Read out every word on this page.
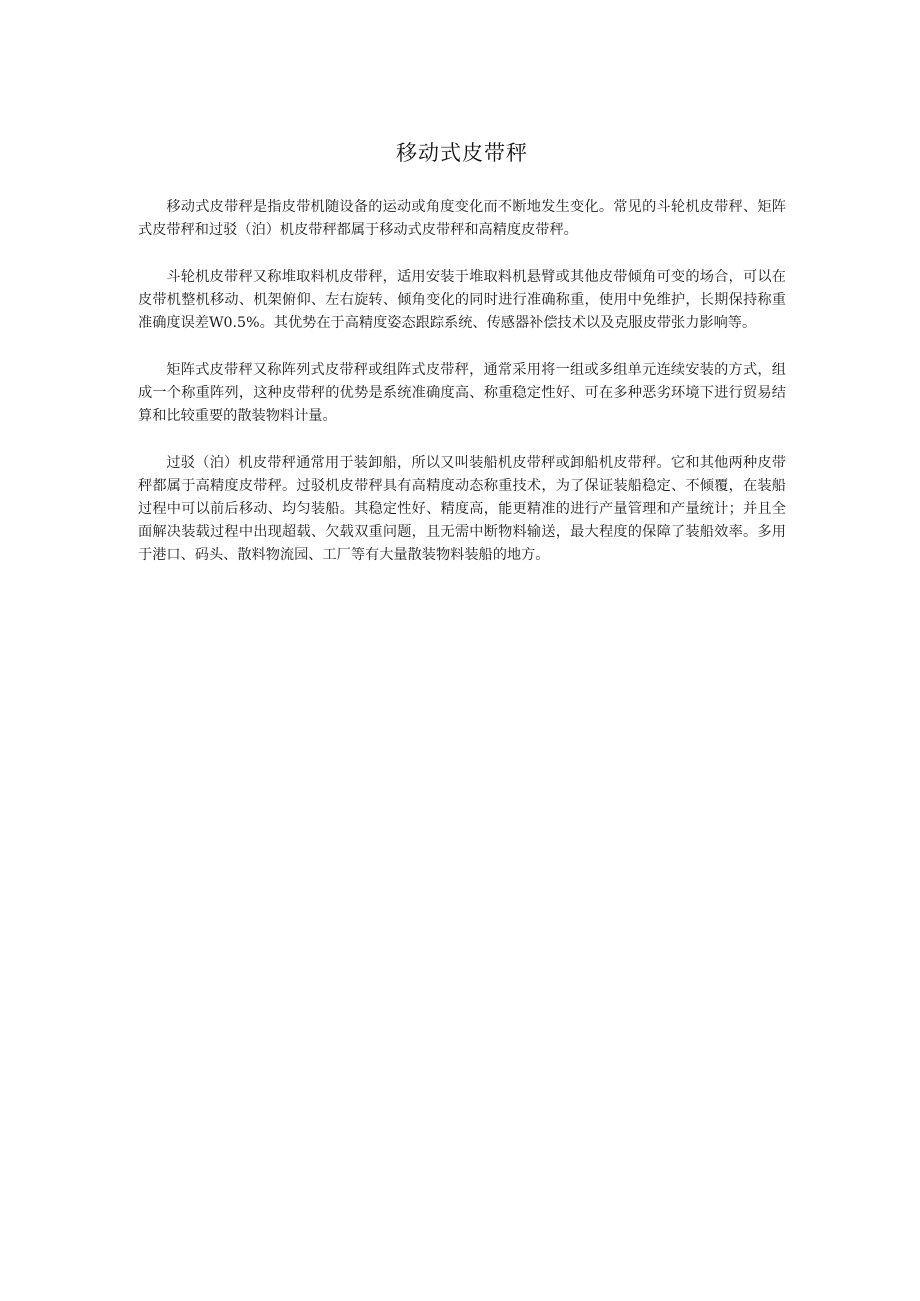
移动式皮带秤

移动式皮带秤是指皮带机随设备的运动或角度变化而不断地发生变化。常见的斗轮机皮带秤、矩阵式皮带秤和过驳（泊）机皮带秤都属于移动式皮带秤和高精度皮带秤。

斗轮机皮带秤又称堆取料机皮带秤，适用安装于堆取料机悬臂或其他皮带倾角可变的场合，可以在皮带机整机移动、机架俯仰、左右旋转、倾角变化的同时进行准确称重，使用中免维护，长期保持称重准确度误差W0.5%。其优势在于高精度姿态跟踪系统、传感器补偿技术以及克服皮带张力影响等。

矩阵式皮带秤又称阵列式皮带秤或组阵式皮带秤，通常采用将一组或多组单元连续安装的方式，组成一个称重阵列，这种皮带秤的优势是系统准确度高、称重稳定性好、可在多种恶劣环境下进行贸易结算和比较重要的散装物料计量。

过驳（泊）机皮带秤通常用于装卸船，所以又叫装船机皮带秤或卸船机皮带秤。它和其他两种皮带秤都属于高精度皮带秤。过驳机皮带秤具有高精度动态称重技术，为了保证装船稳定、不倾覆，在装船过程中可以前后移动、均匀装船。其稳定性好、精度高，能更精准的进行产量管理和产量统计；并且全面解决装载过程中出现超载、欠载双重问题，且无需中断物料输送，最大程度的保障了装船效率。多用于港口、码头、散料物流园、工厂等有大量散装物料装船的地方。
